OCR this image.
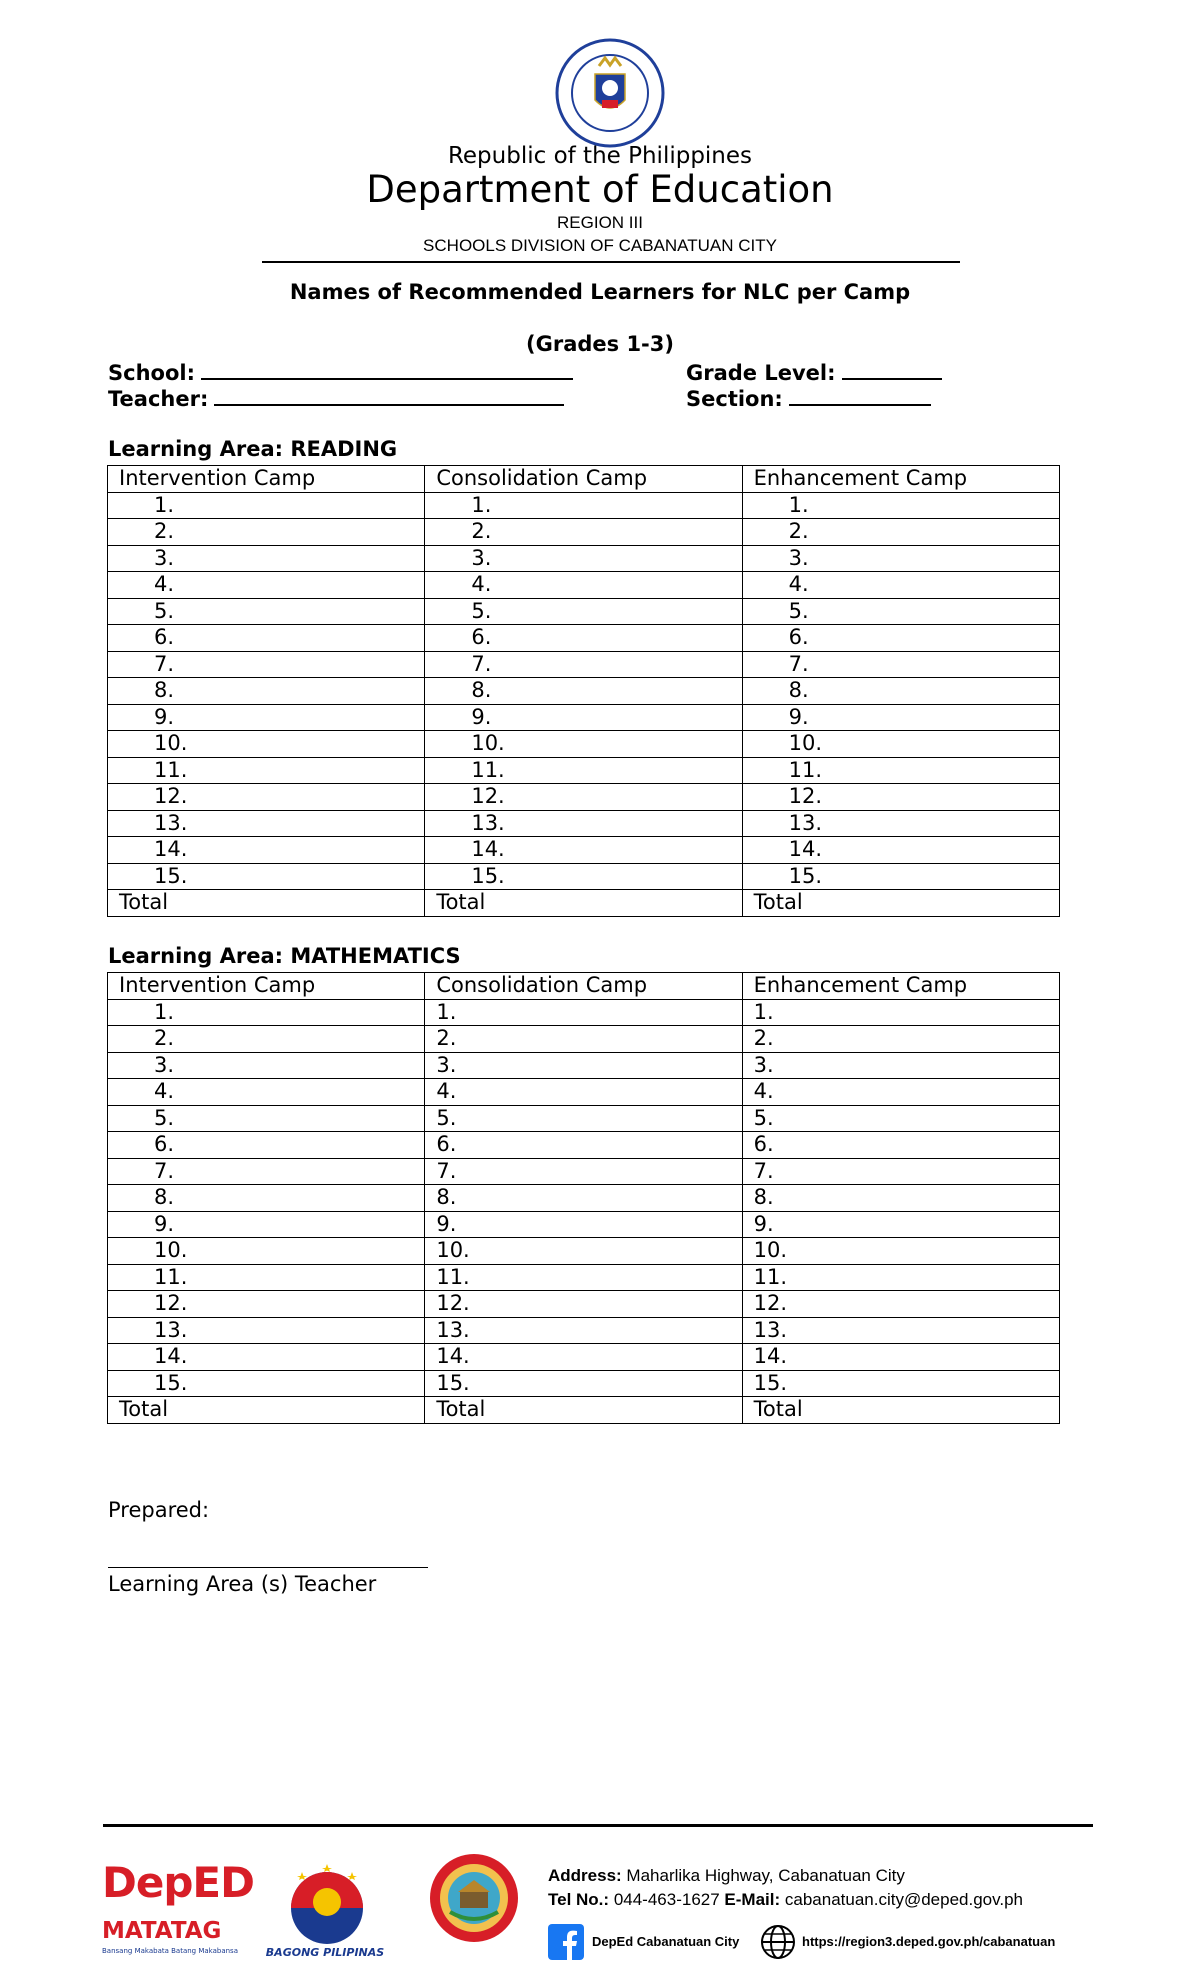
Republic of the Philippines
Department of Education
REGION III
SCHOOLS DIVISION OF CABANATUAN CITY
Names of Recommended Learners for NLC per Camp
(Grades 1-3)
School:
Teacher:
Grade Level:
Section:
Learning Area: READING
Intervention Camp	Consolidation Camp	Enhancement Camp
1.	1.	1.
2.	2.	2.
3.	3.	3.
4.	4.	4.
5.	5.	5.
6.	6.	6.
7.	7.	7.
8.	8.	8.
9.	9.	9.
10.	10.	10.
11.	11.	11.
12.	12.	12.
13.	13.	13.
14.	14.	14.
15.	15.	15.
Total	Total	Total
Learning Area: MATHEMATICS
Intervention Camp	Consolidation Camp	Enhancement Camp
1.	1.	1.
2.	2.	2.
3.	3.	3.
4.	4.	4.
5.	5.	5.
6.	6.	6.
7.	7.	7.
8.	8.	8.
9.	9.	9.
10.	10.	10.
11.	11.	11.
12.	12.	12.
13.	13.	13.
14.	14.	14.
15.	15.	15.
Total	Total	Total
Prepared:
Learning Area (s) Teacher
DepED
MATATAG
Bansang Makabata Batang Makabansa	BAGONG PILIPINAS
Address: Maharlika Highway, Cabanatuan City
Tel No.: 044-463-1627 E-Mail: cabanatuan.city@deped.gov.ph
DepEd Cabanatuan City	https://region3.deped.gov.ph/cabanatuan
